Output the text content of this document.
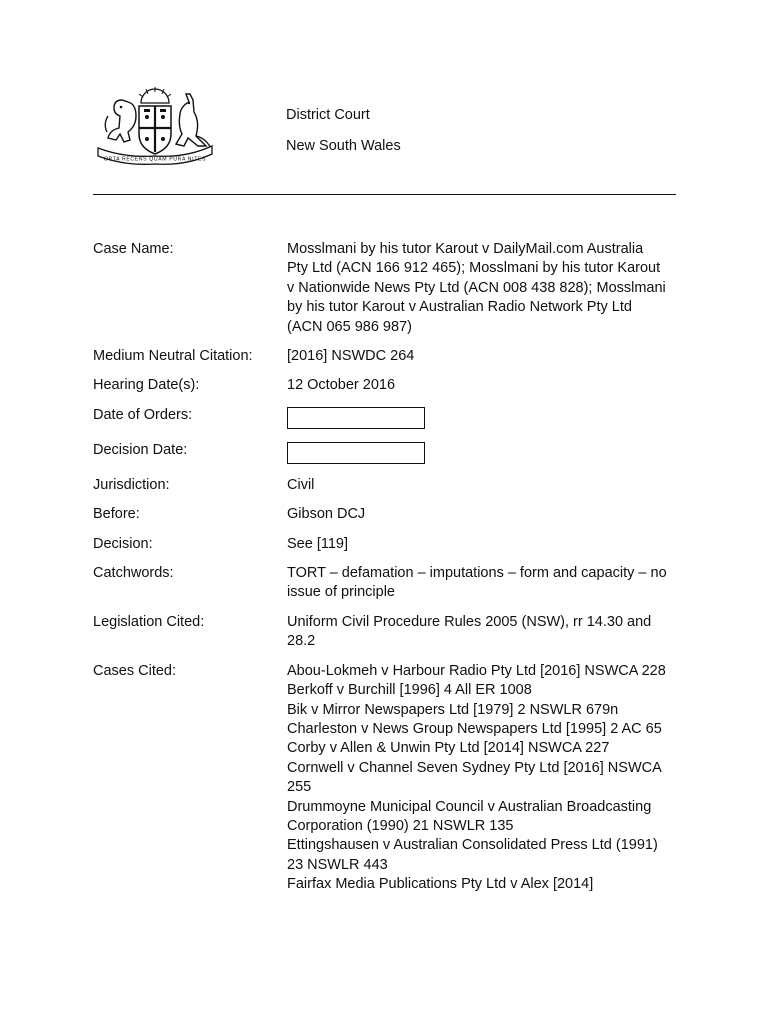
ORTA RECENS QUAM PURA NITES
District Court
New South Wales
Case Name:	Mosslmani by his tutor Karout v DailyMail.com Australia Pty Ltd (ACN 166 912 465); Mosslmani by his tutor Karout v Nationwide News Pty Ltd (ACN 008 438 828); Mosslmani by his tutor Karout v Australian Radio Network Pty Ltd (ACN 065 986 987)
Medium Neutral Citation:	[2016] NSWDC 264
Hearing Date(s):	12 October 2016
Date of Orders:
Decision Date:
Jurisdiction:	Civil
Before:	Gibson DCJ
Decision:	See [119]
Catchwords:	TORT – defamation – imputations – form and capacity – no issue of principle
Legislation Cited:	Uniform Civil Procedure Rules 2005 (NSW), rr 14.30 and 28.2
Cases Cited:	Abou-Lokmeh v Harbour Radio Pty Ltd [2016] NSWCA 228
Berkoff v Burchill [1996] 4 All ER 1008
Bik v Mirror Newspapers Ltd [1979] 2 NSWLR 679n
Charleston v News Group Newspapers Ltd [1995] 2 AC 65
Corby v Allen & Unwin Pty Ltd [2014] NSWCA 227
Cornwell v Channel Seven Sydney Pty Ltd [2016] NSWCA 255
Drummoyne Municipal Council v Australian Broadcasting Corporation (1990) 21 NSWLR 135
Ettingshausen v Australian Consolidated Press Ltd (1991) 23 NSWLR 443
Fairfax Media Publications Pty Ltd v Alex [2014]
